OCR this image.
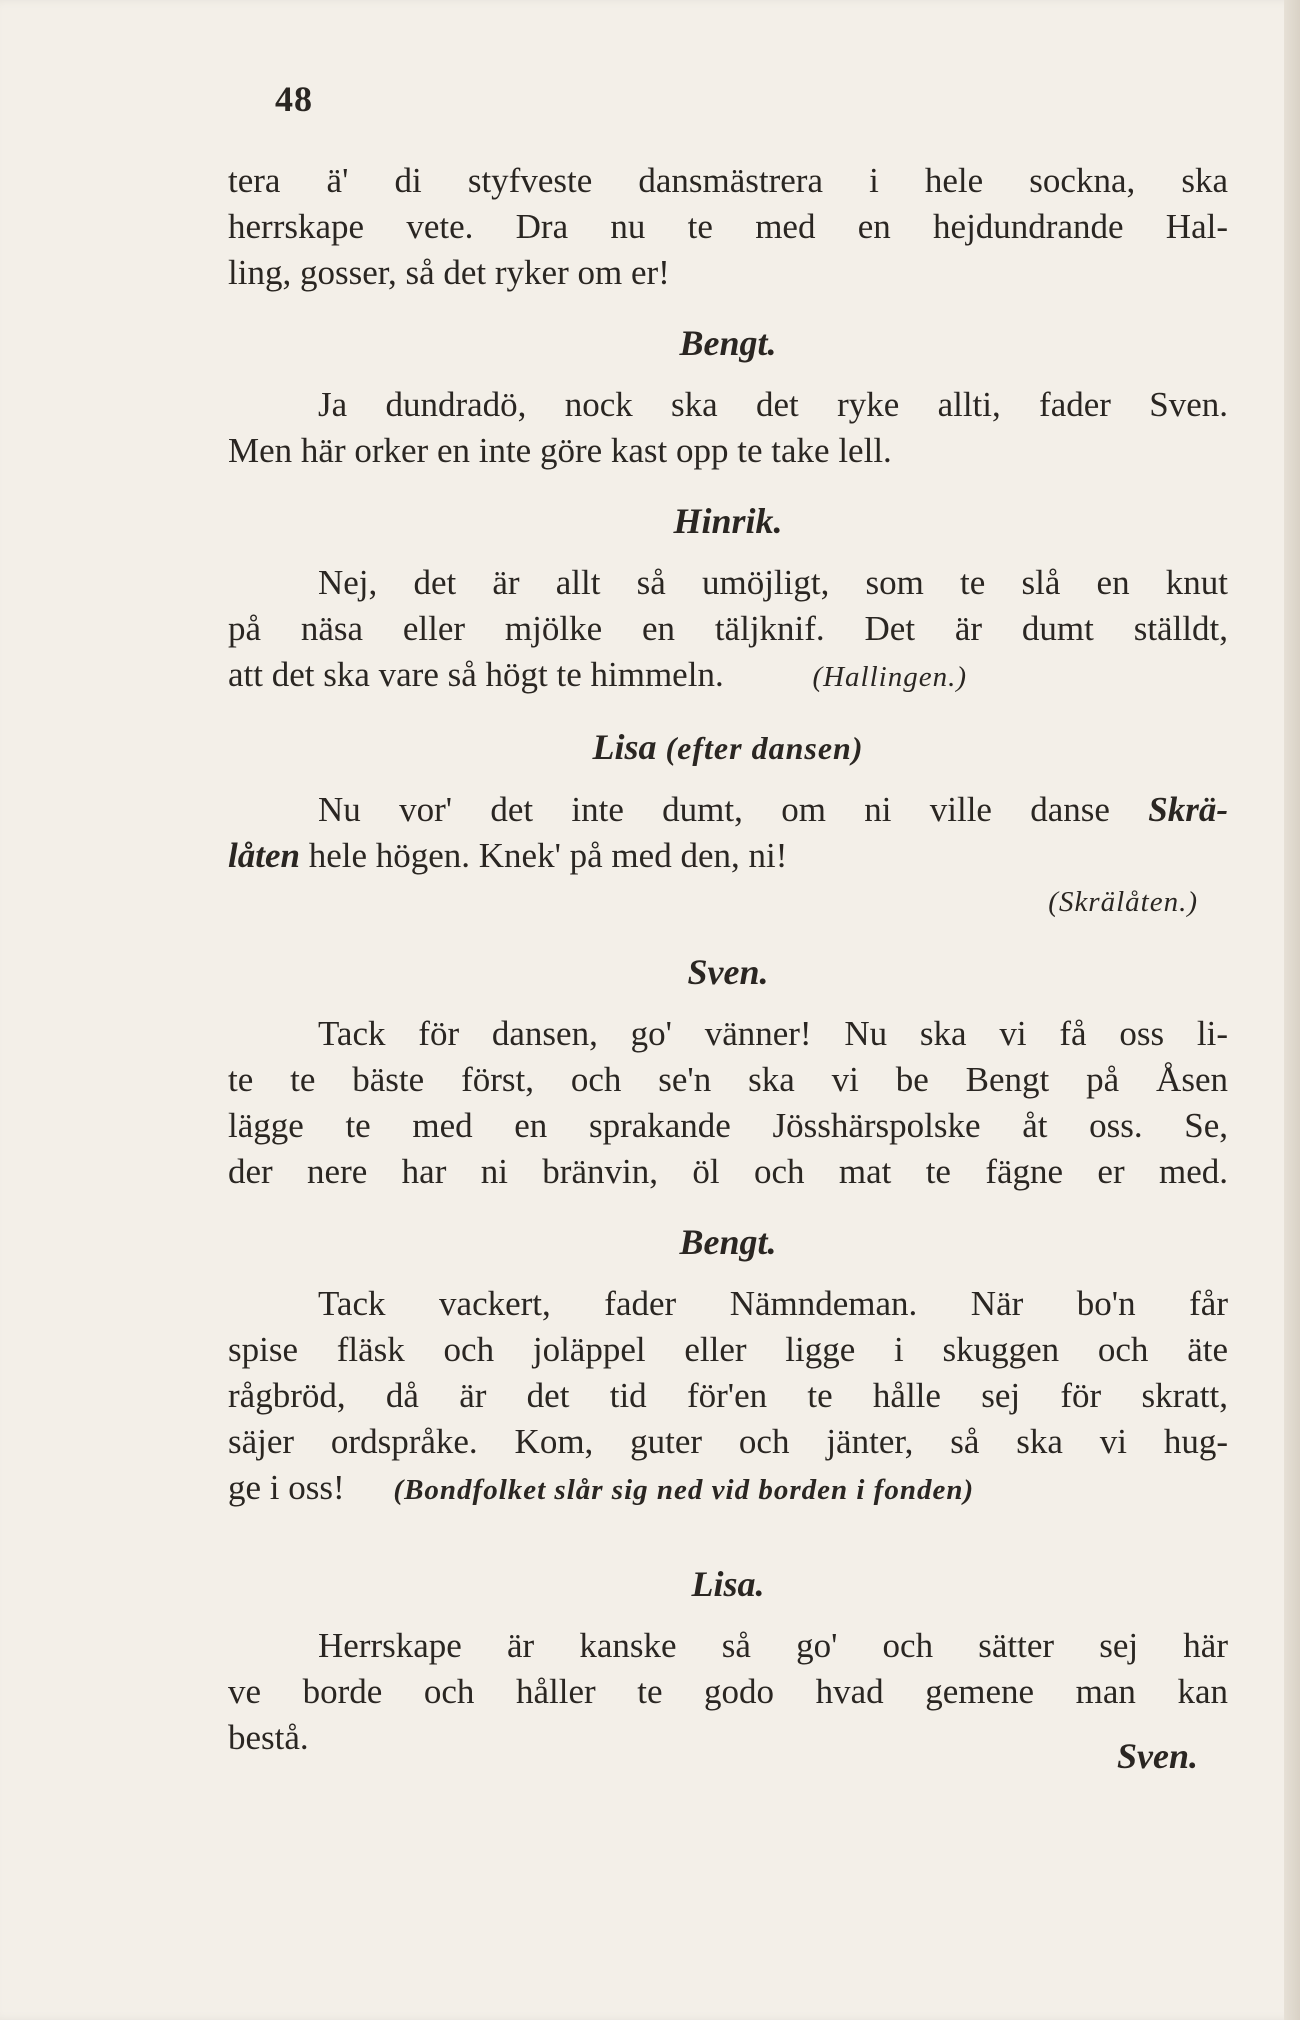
48
tera ä' di styfveste dansmästrera i hele sockna, ska
herrskape vete. Dra nu te med en hejdundrande Hal-
ling, gosser, så det ryker om er!
Bengt.
Ja dundradö, nock ska det ryke allti, fader Sven.
Men här orker en inte göre kast opp te take lell.
Hinrik.
Nej, det är allt så umöjligt, som te slå en knut
på näsa eller mjölke en täljknif. Det är dumt ställdt,
att det ska vare så högt te himmeln.	(Hallingen.)
Lisa (efter dansen)
Nu vor' det inte dumt, om ni ville danse Skrä-
låten hele högen. Knek' på med den, ni!
(Skrälåten.)
Sven.
Tack för dansen, go' vänner! Nu ska vi få oss li-
te te bäste först, och se'n ska vi be Bengt på Åsen
lägge te med en sprakande Jösshärspolske åt oss. Se,
der nere har ni bränvin, öl och mat te fägne er med.
Bengt.
Tack vackert, fader Nämndeman. När bo'n får
spise fläsk och joläppel eller ligge i skuggen och äte
rågbröd, då är det tid för'en te hålle sej för skratt,
säjer ordspråke. Kom, guter och jänter, så ska vi hug-
ge i oss! (Bondfolket slår sig ned vid borden i fonden)
Lisa.
Herrskape är kanske så go' och sätter sej här
ve borde och håller te godo hvad gemene man kan
bestå.	Sven.
